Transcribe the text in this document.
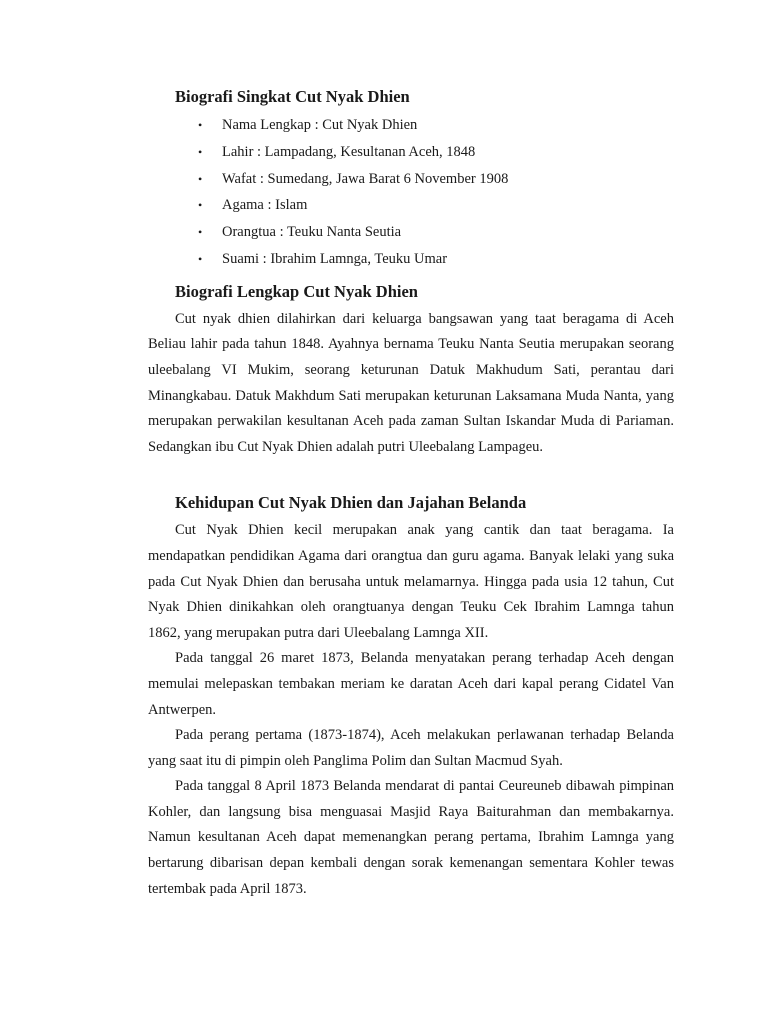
Biografi Singkat Cut Nyak Dhien
• Nama Lengkap : Cut Nyak Dhien
• Lahir : Lampadang, Kesultanan Aceh, 1848
• Wafat : Sumedang, Jawa Barat 6 November 1908
• Agama : Islam
• Orangtua : Teuku Nanta Seutia
• Suami : Ibrahim Lamnga, Teuku Umar
Biografi Lengkap Cut Nyak Dhien

Cut nyak dhien dilahirkan dari keluarga bangsawan yang taat beragama di Aceh Beliau lahir pada tahun 1848. Ayahnya bernama Teuku Nanta Seutia merupakan seorang uleebalang VI Mukim, seorang keturunan Datuk Makhudum Sati, perantau dari Minangkabau. Datuk Makhdum Sati merupakan keturunan Laksamana Muda Nanta, yang merupakan perwakilan kesultanan Aceh pada zaman Sultan Iskandar Muda di Pariaman. Sedangkan ibu Cut Nyak Dhien adalah putri Uleebalang Lampageu.

Kehidupan Cut Nyak Dhien dan Jajahan Belanda

Cut Nyak Dhien kecil merupakan anak yang cantik dan taat beragama. Ia mendapatkan pendidikan Agama dari orangtua dan guru agama. Banyak lelaki yang suka pada Cut Nyak Dhien dan berusaha untuk melamarnya. Hingga pada usia 12 tahun, Cut Nyak Dhien dinikahkan oleh orangtuanya dengan Teuku Cek Ibrahim Lamnga tahun 1862, yang merupakan putra dari Uleebalang Lamnga XII.

Pada tanggal 26 maret 1873, Belanda menyatakan perang terhadap Aceh dengan memulai melepaskan tembakan meriam ke daratan Aceh dari kapal perang Cidatel Van Antwerpen.

Pada perang pertama (1873-1874), Aceh melakukan perlawanan terhadap Belanda yang saat itu di pimpin oleh Panglima Polim dan Sultan Macmud Syah.

Pada tanggal 8 April 1873 Belanda mendarat di pantai Ceureuneb dibawah pimpinan Kohler, dan langsung bisa menguasai Masjid Raya Baiturahman dan membakarnya. Namun kesultanan Aceh dapat memenangkan perang pertama, Ibrahim Lamnga yang bertarung dibarisan depan kembali dengan sorak kemenangan sementara Kohler tewas tertembak pada April 1873.
